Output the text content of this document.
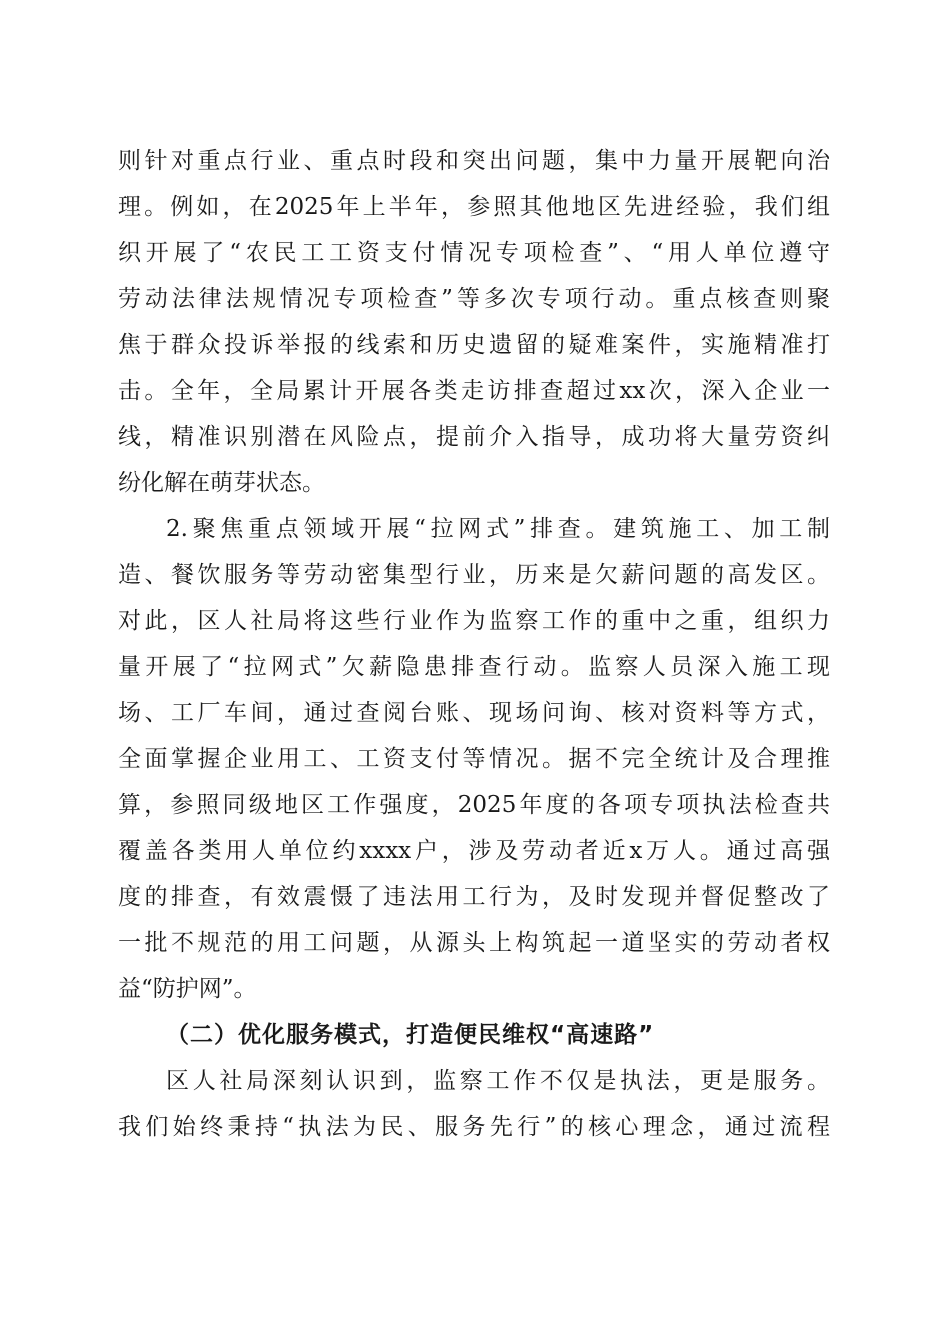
则针对重点行业、重点时段和突出问题，集中力量开展靶向治
理。例如，在2025年上半年，参照其他地区先进经验，我们组
织开展了“农民工工资支付情况专项检查”、“用人单位遵守
劳动法律法规情况专项检查”等多次专项行动。重点核查则聚
焦于群众投诉举报的线索和历史遗留的疑难案件，实施精准打
击。全年，全局累计开展各类走访排查超过xx次，深入企业一
线，精准识别潜在风险点，提前介入指导，成功将大量劳资纠
纷化解在萌芽状态。
2.聚焦重点领域开展“拉网式”排查。建筑施工、加工制
造、餐饮服务等劳动密集型行业，历来是欠薪问题的高发区。
对此，区人社局将这些行业作为监察工作的重中之重，组织力
量开展了“拉网式”欠薪隐患排查行动。监察人员深入施工现
场、工厂车间，通过查阅台账、现场问询、核对资料等方式，
全面掌握企业用工、工资支付等情况。据不完全统计及合理推
算，参照同级地区工作强度，2025年度的各项专项执法检查共
覆盖各类用人单位约xxxx户，涉及劳动者近x万人。通过高强
度的排查，有效震慑了违法用工行为，及时发现并督促整改了
一批不规范的用工问题，从源头上构筑起一道坚实的劳动者权
益“防护网”。
（二）优化服务模式，打造便民维权“高速路”
区人社局深刻认识到，监察工作不仅是执法，更是服务。
我们始终秉持“执法为民、服务先行”的核心理念，通过流程
